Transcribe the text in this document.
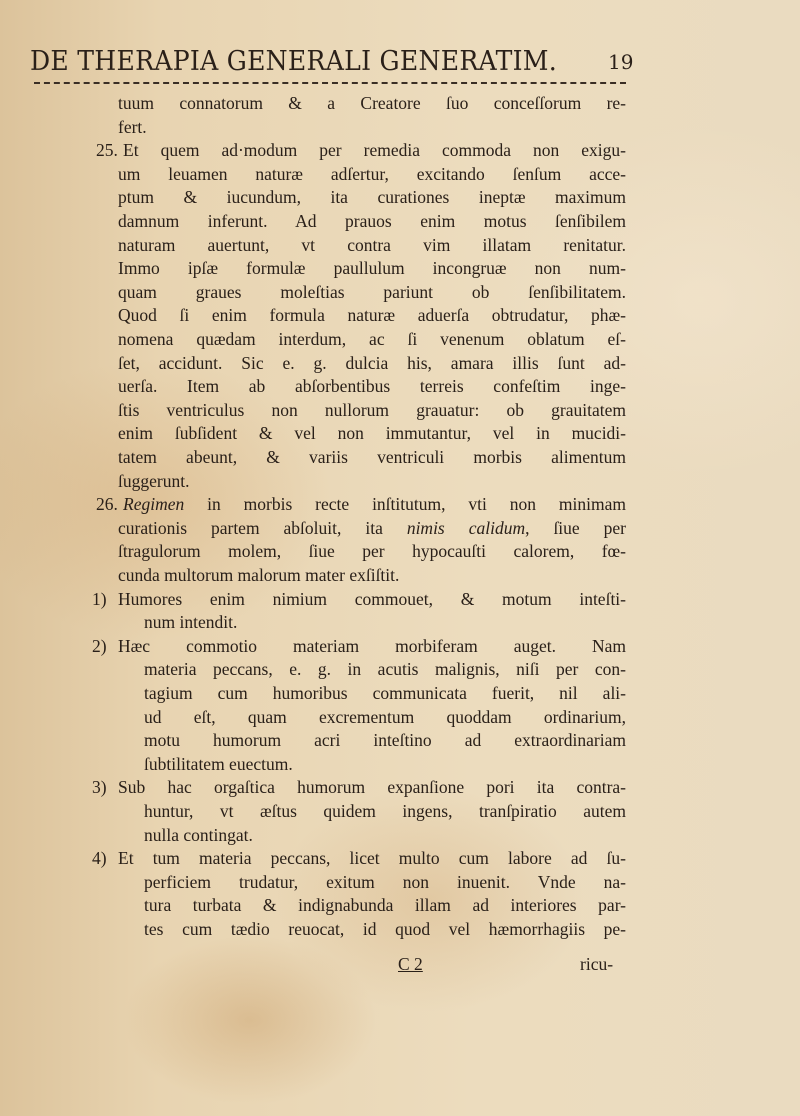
DE THERAPIA GENERALI GENERATIM.	19
tuum connatorum & a Creatore ſuo conceſſorum re-
fert.
25. Et quem ad·modum per remedia commoda non exigu-
um leuamen naturæ adſertur, excitando ſenſum acce-
ptum & iucundum, ita curationes ineptæ maximum
damnum inferunt. Ad prauos enim motus ſenſibilem
naturam auertunt, vt contra vim illatam renitatur.
Immo ipſæ formulæ paullulum incongruæ non num-
quam graues moleſtias pariunt ob ſenſibilitatem.
Quod ſi enim formula naturæ aduerſa obtrudatur, phæ-
nomena quædam interdum, ac ſi venenum oblatum eſ-
ſet, accidunt. Sic e. g. dulcia his, amara illis ſunt ad-
uerſa. Item ab abſorbentibus terreis confeſtim inge-
ſtis ventriculus non nullorum grauatur: ob grauitatem
enim ſubſident & vel non immutantur, vel in mucidi-
tatem abeunt, & variis ventriculi morbis alimentum
ſuggerunt.
26. Regimen in morbis recte inſtitutum, vti non minimam
curationis partem abſoluit, ita nimis calidum, ſiue per
ſtragulorum molem, ſiue per hypocauſti calorem, fœ-
cunda multorum malorum mater exſiſtit.
1) Humores enim nimium commouet, & motum inteſti-
num intendit.
2) Hæc commotio materiam morbiferam auget. Nam
materia peccans, e. g. in acutis malignis, niſi per con-
tagium cum humoribus communicata fuerit, nil ali-
ud eſt, quam excrementum quoddam ordinarium,
motu humorum acri inteſtino ad extraordinariam
ſubtilitatem euectum.
3) Sub hac orgaſtica humorum expanſione pori ita contra-
huntur, vt æſtus quidem ingens, tranſpiratio autem
nulla contingat.
4) Et tum materia peccans, licet multo cum labore ad ſu-
perficiem trudatur, exitum non inuenit. Vnde na-
tura turbata & indignabunda illam ad interiores par-
tes cum tædio reuocat, id quod vel hæmorrhagiis pe-
C 2	ricu-
